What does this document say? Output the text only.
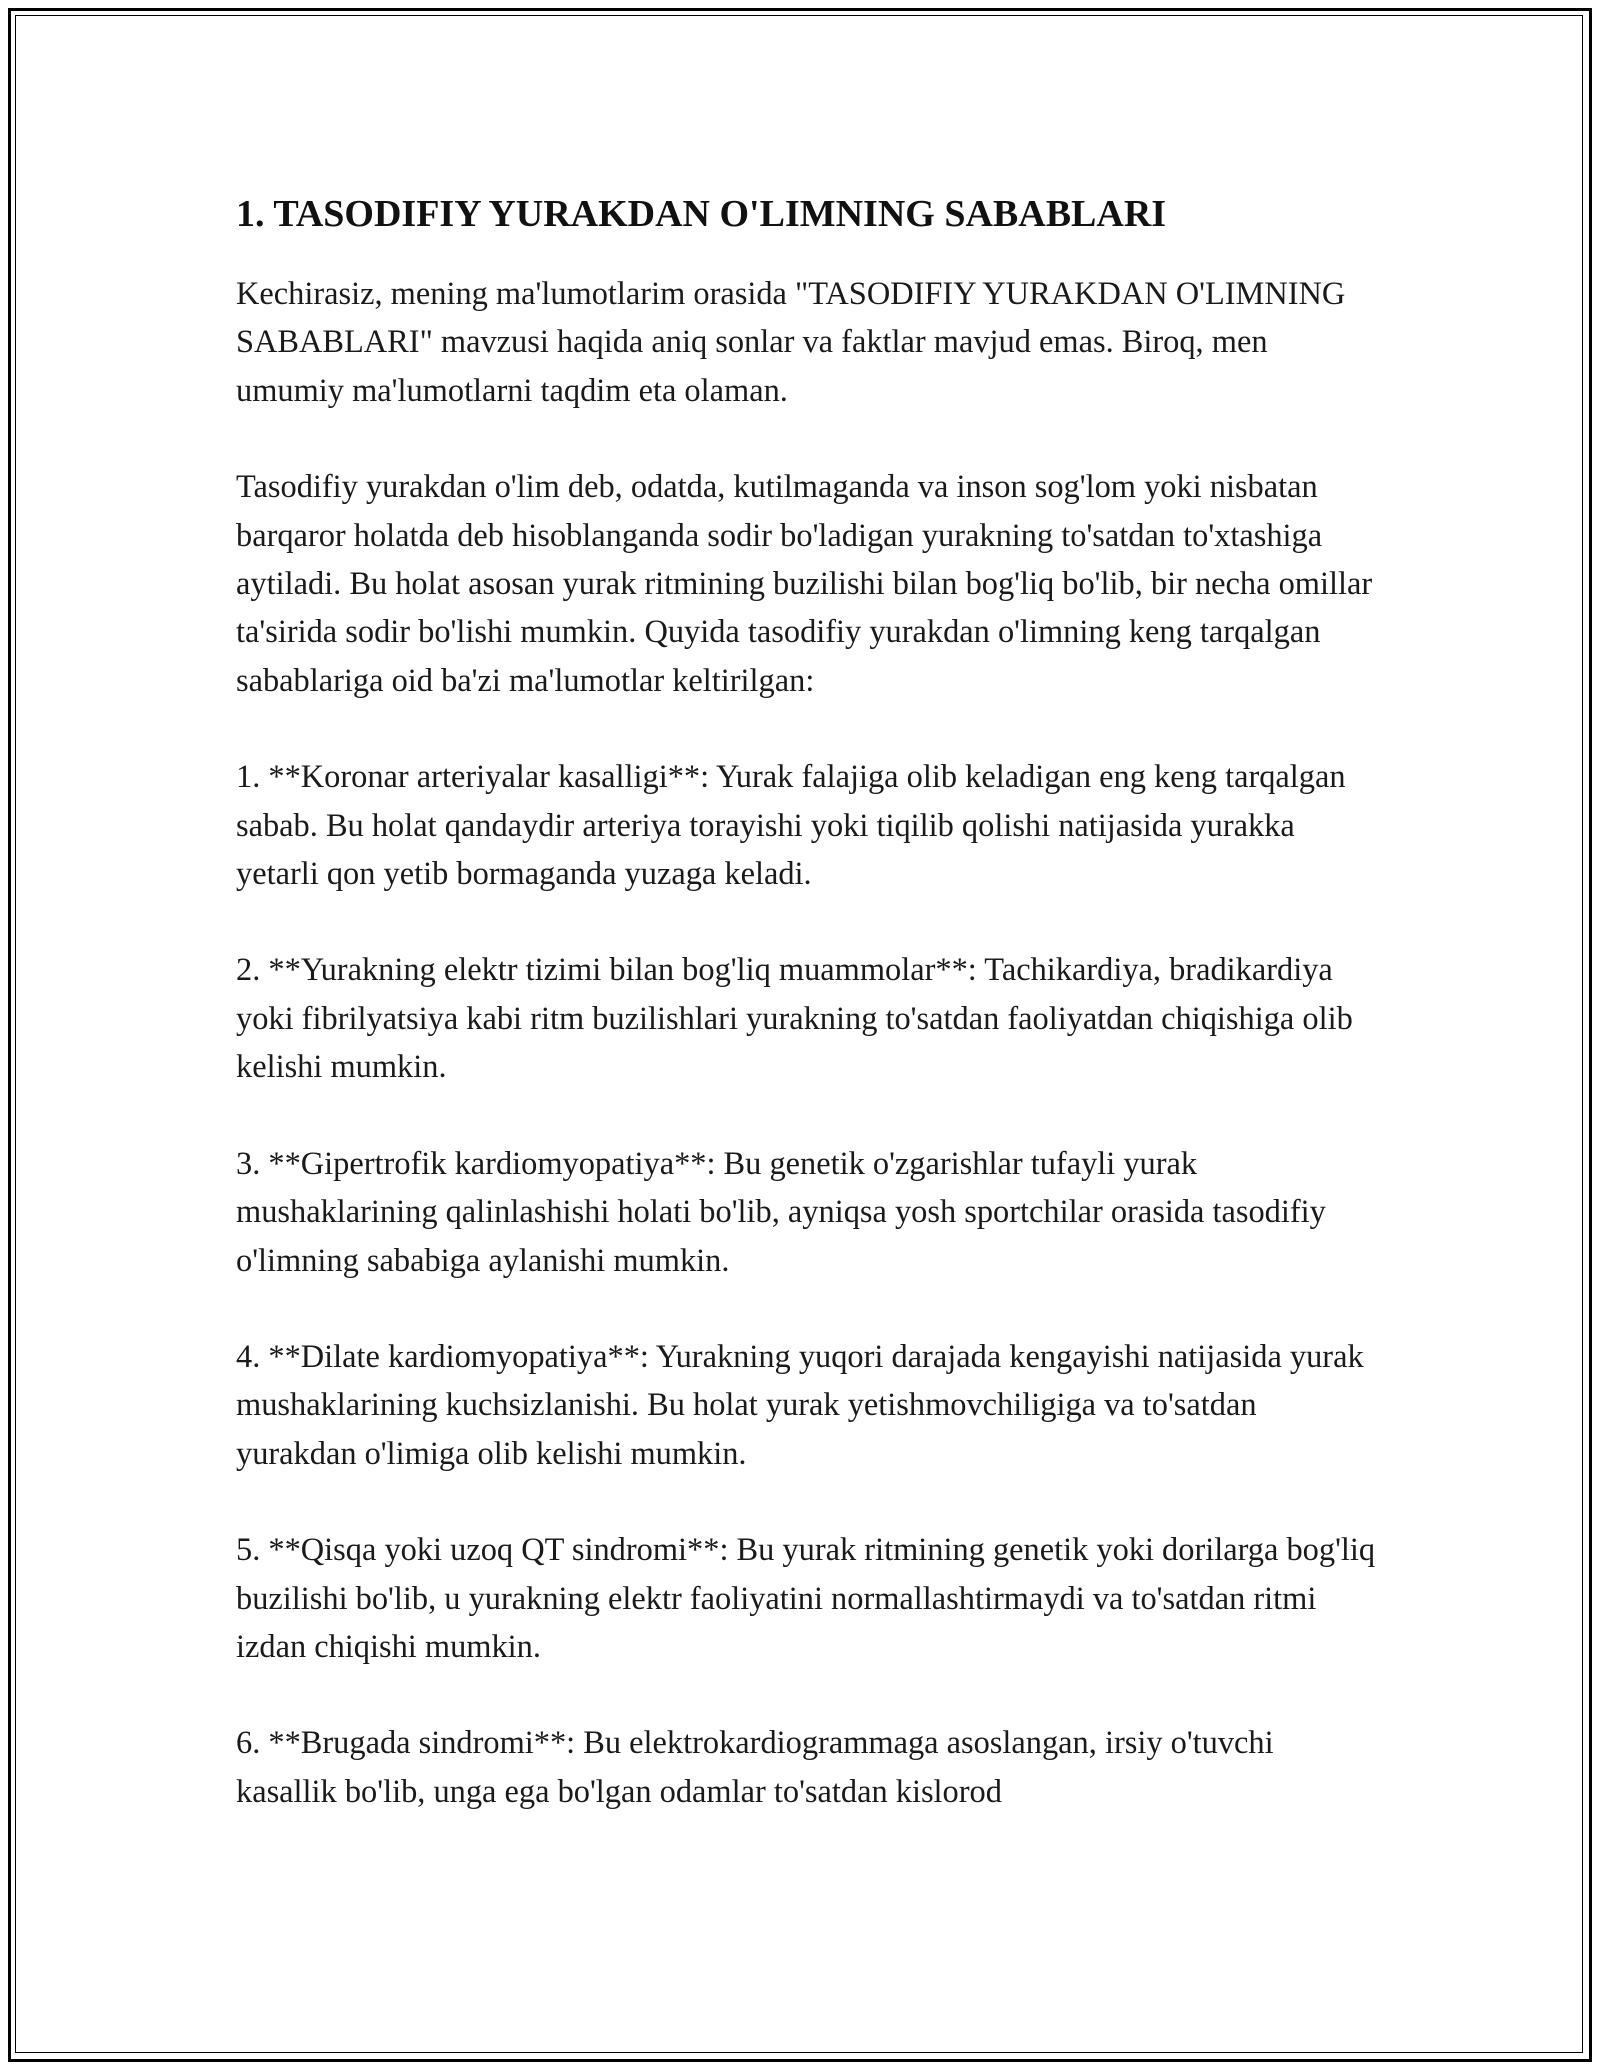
1. TASODIFIY YURAKDAN O'LIMNING SABABLARI

Kechirasiz, mening ma'lumotlarim orasida "TASODIFIY YURAKDAN O'LIMNING SABABLARI" mavzusi haqida aniq sonlar va faktlar mavjud emas. Biroq, men umumiy ma'lumotlarni taqdim eta olaman.

Tasodifiy yurakdan o'lim deb, odatda, kutilmaganda va inson sog'lom yoki nisbatan barqaror holatda deb hisoblanganda sodir bo'ladigan yurakning to'satdan to'xtashiga aytiladi. Bu holat asosan yurak ritmining buzilishi bilan bog'liq bo'lib, bir necha omillar ta'sirida sodir bo'lishi mumkin. Quyida tasodifiy yurakdan o'limning keng tarqalgan sabablariga oid ba'zi ma'lumotlar keltirilgan:

1. **Koronar arteriyalar kasalligi**: Yurak falajiga olib keladigan eng keng tarqalgan sabab. Bu holat qandaydir arteriya torayishi yoki tiqilib qolishi natijasida yurakka yetarli qon yetib bormaganda yuzaga keladi.

2. **Yurakning elektr tizimi bilan bog'liq muammolar**: Tachikardiya, bradikardiya yoki fibrilyatsiya kabi ritm buzilishlari yurakning to'satdan faoliyatdan chiqishiga olib kelishi mumkin.

3. **Gipertrofik kardiomyopatiya**: Bu genetik o'zgarishlar tufayli yurak mushaklarining qalinlashishi holati bo'lib, ayniqsa yosh sportchilar orasida tasodifiy o'limning sababiga aylanishi mumkin.

4. **Dilate kardiomyopatiya**: Yurakning yuqori darajada kengayishi natijasida yurak mushaklarining kuchsizlanishi. Bu holat yurak yetishmovchiligiga va to'satdan yurakdan o'limiga olib kelishi mumkin.

5. **Qisqa yoki uzoq QT sindromi**: Bu yurak ritmining genetik yoki dorilarga bog'liq buzilishi bo'lib, u yurakning elektr faoliyatini normallashtirmaydi va to'satdan ritmi izdan chiqishi mumkin.

6. **Brugada sindromi**: Bu elektrokardiogrammaga asoslangan, irsiy o'tuvchi kasallik bo'lib, unga ega bo'lgan odamlar to'satdan kislorod
